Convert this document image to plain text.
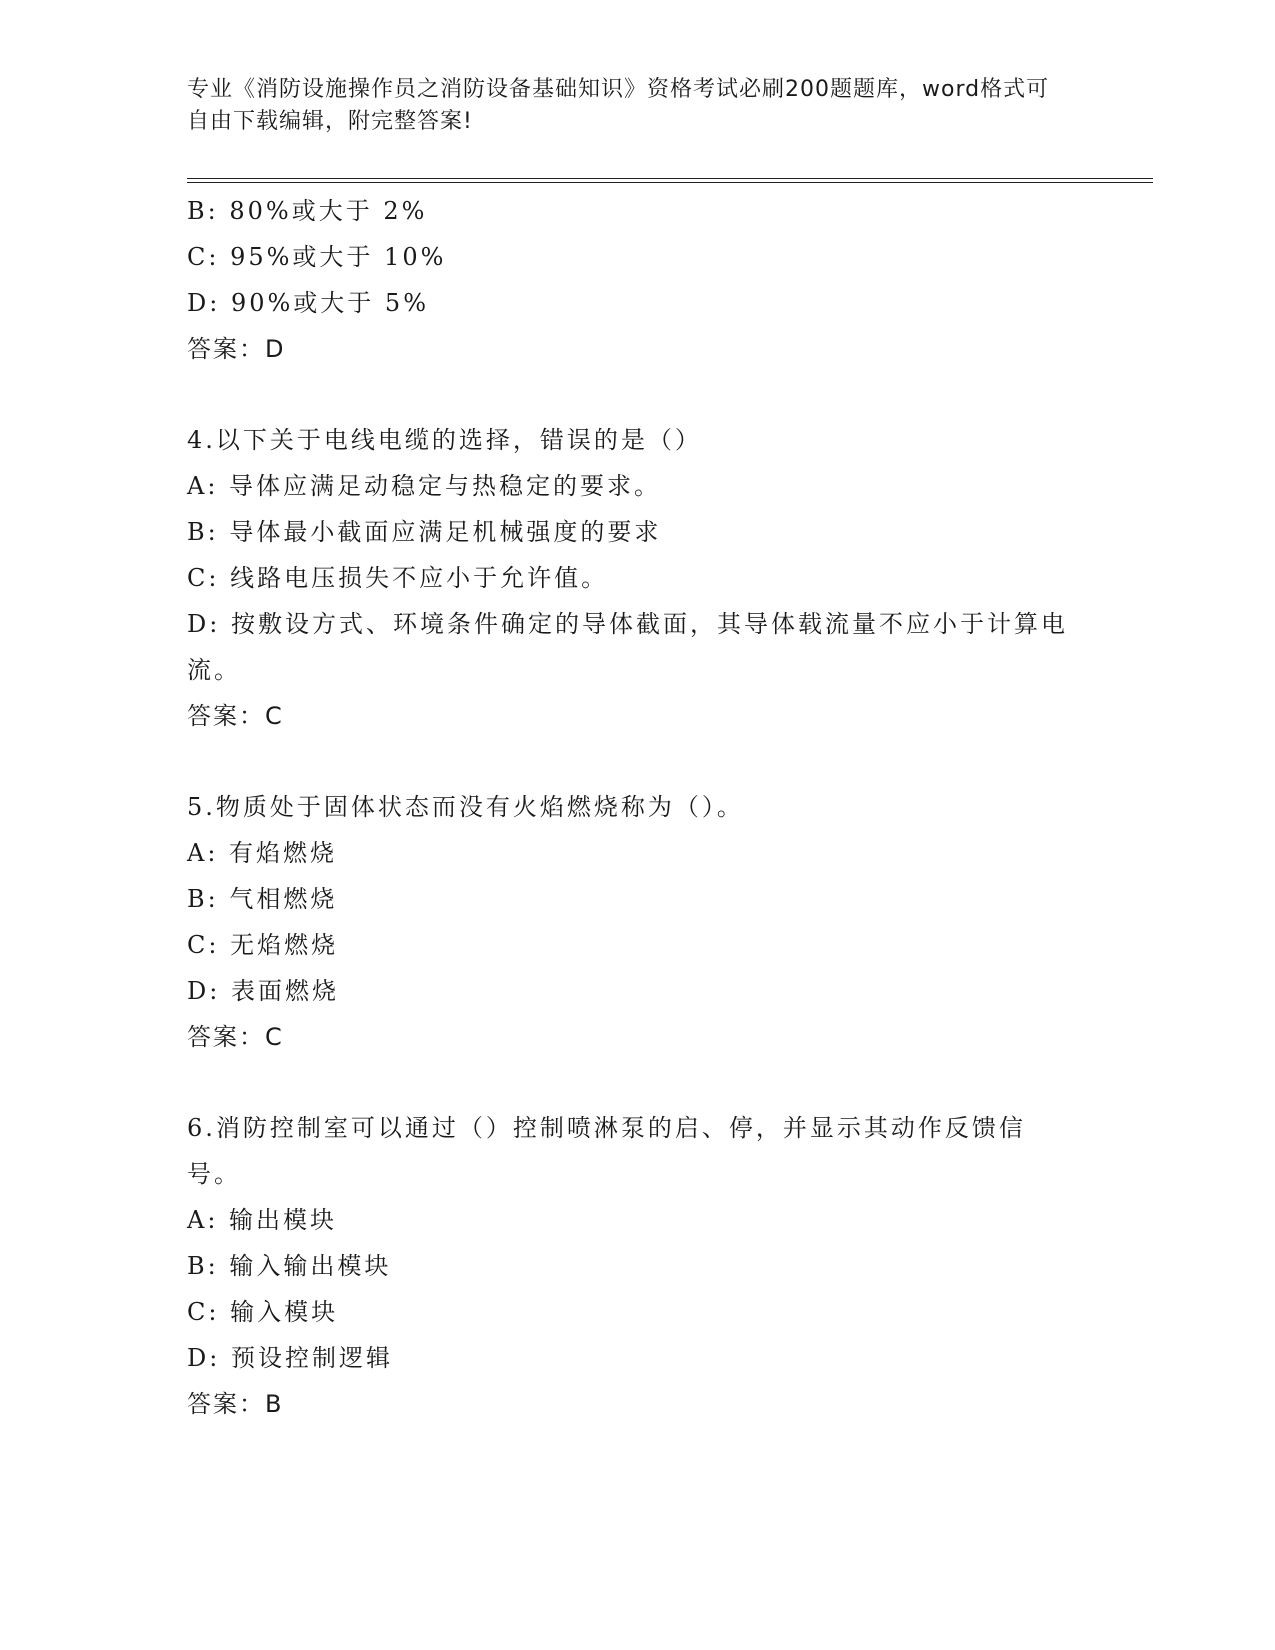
专业《消防设施操作员之消防设备基础知识》资格考试必刷200题题库，word格式可自由下载编辑，附完整答案!
B: 80%或大于 2%
C: 95%或大于 10%
D: 90%或大于 5%
答案：D
4.以下关于电线电缆的选择，错误的是（）
A: 导体应满足动稳定与热稳定的要求。
B: 导体最小截面应满足机械强度的要求
C: 线路电压损失不应小于允许值。
D: 按敷设方式、环境条件确定的导体截面，其导体载流量不应小于计算电流。
答案：C
5.物质处于固体状态而没有火焰燃烧称为（）。
A: 有焰燃烧
B: 气相燃烧
C: 无焰燃烧
D: 表面燃烧
答案：C
6.消防控制室可以通过（）控制喷淋泵的启、停，并显示其动作反馈信号。
A: 输出模块
B: 输入输出模块
C: 输入模块
D: 预设控制逻辑
答案：B
